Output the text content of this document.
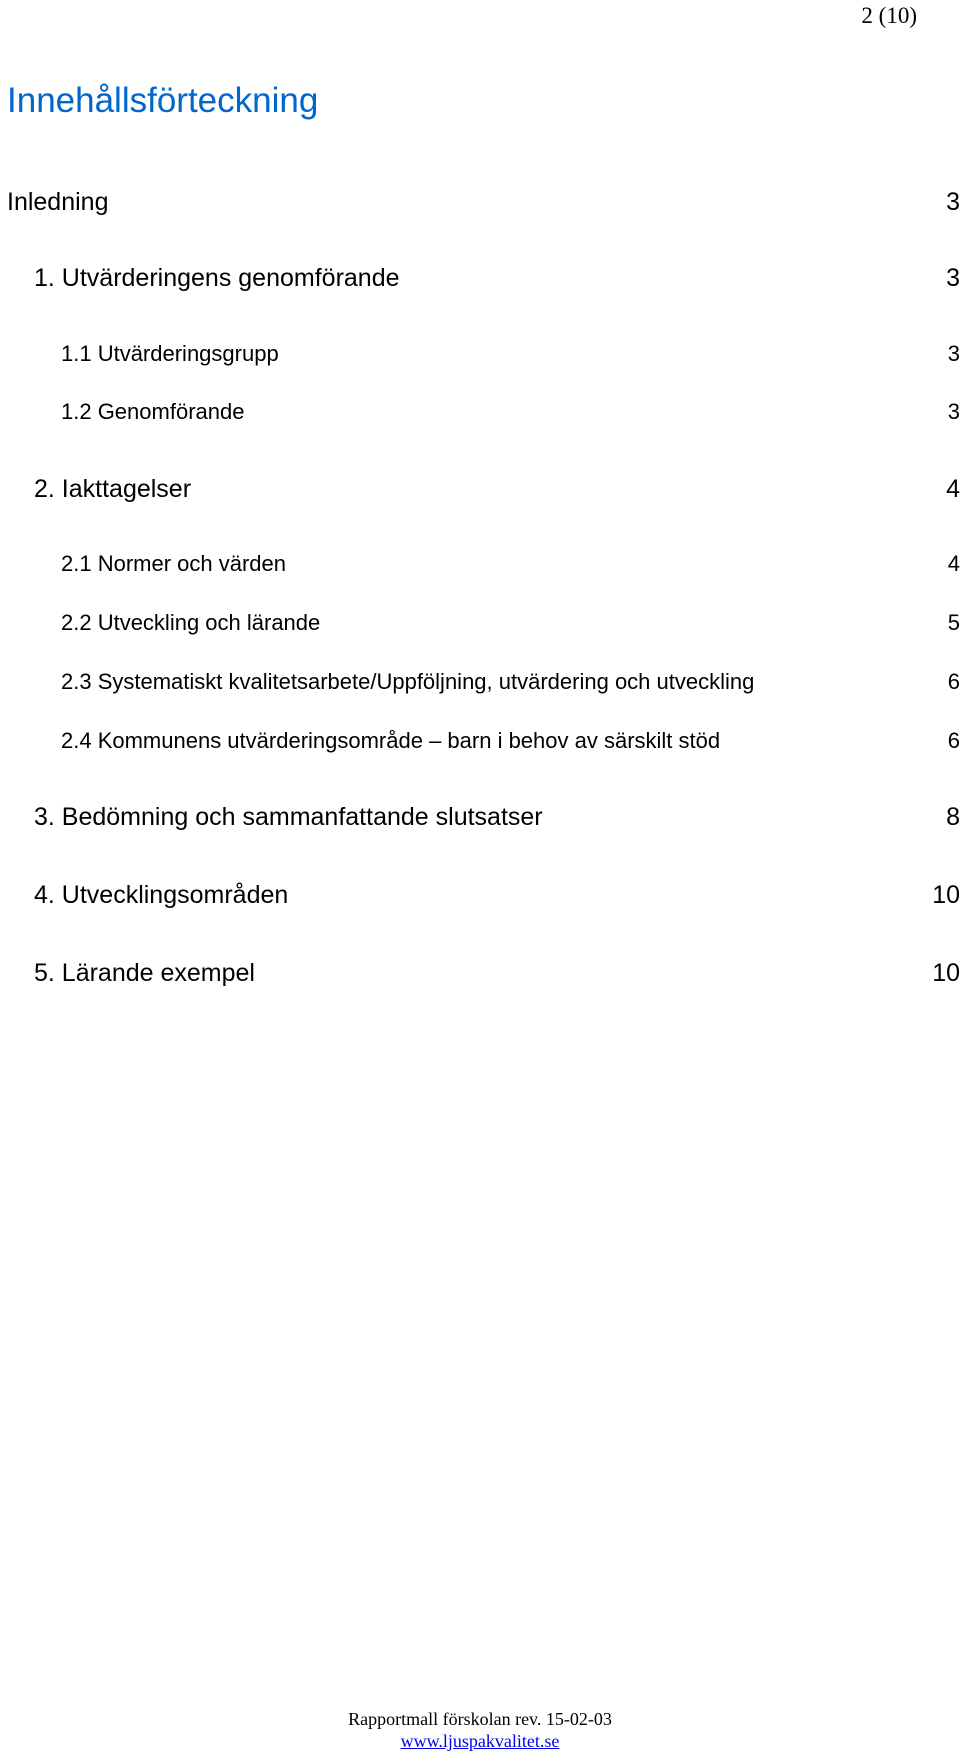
2 (10)
Innehållsförteckning
Inledning	3
1. Utvärderingens genomförande	3
1.1 Utvärderingsgrupp	3
1.2 Genomförande	3
2. Iakttagelser	4
2.1 Normer och värden	4
2.2 Utveckling och lärande	5
2.3 Systematiskt kvalitetsarbete/Uppföljning, utvärdering och utveckling	6
2.4 Kommunens utvärderingsområde – barn i behov av särskilt stöd	6
3. Bedömning och sammanfattande slutsatser	8
4. Utvecklingsområden	10
5. Lärande exempel	10
Rapportmall förskolan rev. 15-02-03
www.ljuspakvalitet.se
